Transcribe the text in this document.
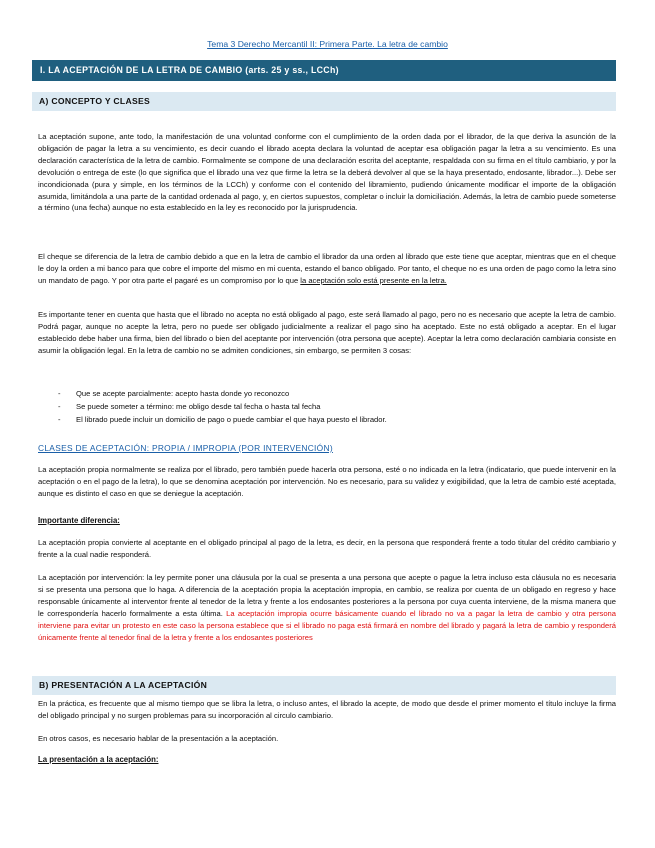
Tema 3 Derecho Mercantil II: Primera Parte. La letra de cambio
I. LA ACEPTACIÓN DE LA LETRA DE CAMBIO (arts. 25 y ss., LCCh)
A) CONCEPTO Y CLASES

La aceptación supone, ante todo, la manifestación de una voluntad conforme con el cumplimiento de la orden dada por el librador, de la que deriva la asunción de la obligación de pagar la letra a su vencimiento, es decir cuando el librado acepta declara la voluntad de aceptar esa obligación pagar la letra a su vencimiento. Es una declaración característica de la letra de cambio. Formalmente se compone de una declaración escrita del aceptante, respaldada con su firma en el título cambiario, y por la devolución o entrega de este (lo que significa que el librado una vez que firme la letra se la deberá devolver al que se la haya presentado, endosante, librador...). Debe ser incondicionada (pura y simple, en los términos de la LCCh) y conforme con el contenido del libramiento, pudiendo únicamente modificar el importe de la obligación asumida, limitándola a una parte de la cantidad ordenada al pago, y, en ciertos supuestos, completar o incluir la domiciliación. Además, la letra de cambio puede someterse a término (una fecha) aunque no esta establecido en la ley es reconocido por la jurisprudencia.

El cheque se diferencia de la letra de cambio debido a que en la letra de cambio el librador da una orden al librado que este tiene que aceptar, mientras que en el cheque le doy la orden a mi banco para que cobre el importe del mismo en mi cuenta, estando el banco obligado. Por tanto, el cheque no es una orden de pago como la letra sino un mandato de pago. Y por otra parte el pagaré es un compromiso por lo que la aceptación solo está presente en la letra.

Es importante tener en cuenta que hasta que el librado no acepta no está obligado al pago, este será llamado al pago, pero no es necesario que acepte la letra de cambio. Podrá pagar, aunque no acepte la letra, pero no puede ser obligado judicialmente a realizar el pago sino ha aceptado. Este no está obligado a aceptar. En el lugar establecido debe haber una firma, bien del librado o bien del aceptante por intervención (otra persona que acepte). Aceptar la letra como declaración cambiaria consiste en asumir la obligación legal. En la letra de cambio no se admiten condiciones, sin embargo, se permiten 3 cosas:

- Que se acepte parcialmente: acepto hasta donde yo reconozco
- Se puede someter a término: me obligo desde tal fecha o hasta tal fecha
- El librado puede incluir un domicilio de pago o puede cambiar el que haya puesto el librador.
CLASES DE ACEPTACIÓN: PROPIA / IMPROPIA (POR INTERVENCIÓN)

La aceptación propia normalmente se realiza por el librado, pero también puede hacerla otra persona, esté o no indicada en la letra (indicatario, que puede intervenir en la aceptación o en el pago de la letra), lo que se denomina aceptación por intervención. No es necesario, para su validez y exigibilidad, que la letra de cambio esté aceptada, aunque es distinto el caso en que se deniegue la aceptación.

Importante diferencia:

La aceptación propia convierte al aceptante en el obligado principal al pago de la letra, es decir, en la persona que responderá frente a todo titular del crédito cambiario y frente a la cual nadie responderá.

La aceptación por intervención: la ley permite poner una cláusula por la cual se presenta a una persona que acepte o pague la letra incluso esta cláusula no es necesaria si se presenta una persona que lo haga. A diferencia de la aceptación propia la aceptación impropia, en cambio, se realiza por cuenta de un obligado en regreso y hace responsable únicamente al interventor frente al tenedor de la letra y frente a los endosantes posteriores a la persona por cuya cuenta interviene, de la misma manera que le correspondería hacerlo formalmente a esta última. La aceptación impropia ocurre básicamente cuando el librado no va a pagar la letra de cambio y otra persona interviene para evitar un protesto en este caso la persona establece que si el librado no paga está firmará en nombre del librado y pagará la letra de cambio y responderá únicamente frente al tenedor final de la letra y frente a los endosantes posteriores

B) PRESENTACIÓN A LA ACEPTACIÓN

En la práctica, es frecuente que al mismo tiempo que se libra la letra, o incluso antes, el librado la acepte, de modo que desde el primer momento el título incluye la firma del obligado principal y no surgen problemas para su incorporación al circulo cambiario.

En otros casos, es necesario hablar de la presentación a la aceptación.

La presentación a la aceptación:
